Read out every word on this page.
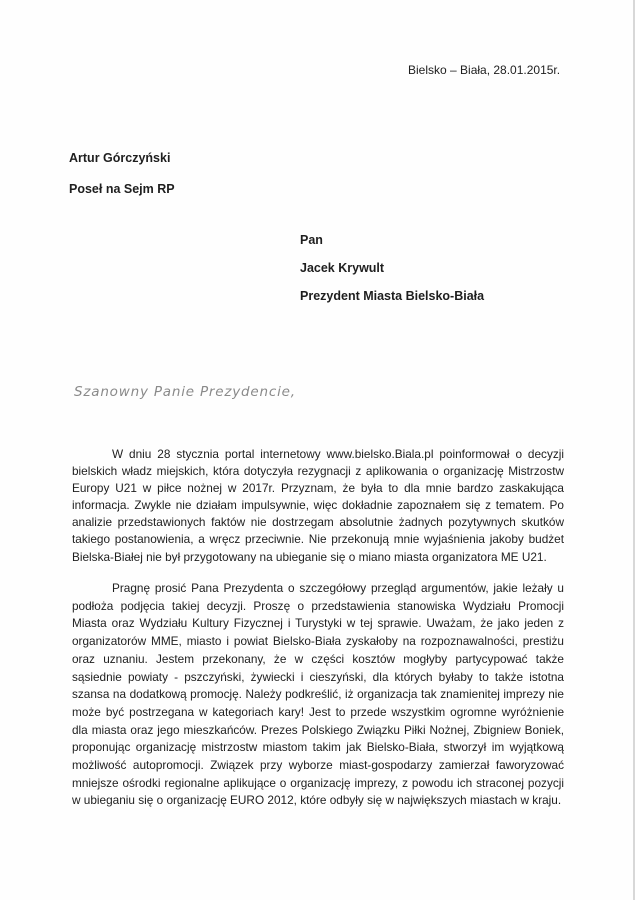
Bielsko – Biała, 28.01.2015r.
Artur Górczyński
Poseł na Sejm RP
Pan
Jacek Krywult
Prezydent Miasta Bielsko-Biała
Szanowny Panie Prezydencie,

W dniu 28 stycznia portal internetowy www.bielsko.Biala.pl poinformował o decyzji bielskich władz miejskich, która dotyczyła rezygnacji z aplikowania o organizację Mistrzostw Europy U21 w piłce nożnej w 2017r. Przyznam, że była to dla mnie bardzo zaskakująca informacja. Zwykle nie działam impulsywnie, więc dokładnie zapoznałem się z tematem. Po analizie przedstawionych faktów nie dostrzegam absolutnie żadnych pozytywnych skutków takiego postanowienia, a wręcz przeciwnie. Nie przekonują mnie wyjaśnienia jakoby budżet Bielska-Białej nie był przygotowany na ubieganie się o miano miasta organizatora ME U21.

Pragnę prosić Pana Prezydenta o szczegółowy przegląd argumentów, jakie leżały u podłoża podjęcia takiej decyzji. Proszę o przedstawienia stanowiska Wydziału Promocji Miasta oraz Wydziału Kultury Fizycznej i Turystyki w tej sprawie. Uważam, że jako jeden z organizatorów MME, miasto i powiat Bielsko-Biała zyskałoby na rozpoznawalności, prestiżu oraz uznaniu. Jestem przekonany, że w części kosztów mogłyby partycypować także sąsiednie powiaty - pszczyński, żywiecki i cieszyński, dla których byłaby to także istotna szansa na dodatkową promocję. Należy podkreślić, iż organizacja tak znamienitej imprezy nie może być postrzegana w kategoriach kary! Jest to przede wszystkim ogromne wyróżnienie dla miasta oraz jego mieszkańców. Prezes Polskiego Związku Piłki Nożnej, Zbigniew Boniek, proponując organizację mistrzostw miastom takim jak Bielsko-Biała, stworzył im wyjątkową możliwość autopromocji. Związek przy wyborze miast-gospodarzy zamierzał faworyzować mniejsze ośrodki regionalne aplikujące o organizację imprezy, z powodu ich straconej pozycji w ubieganiu się o organizację EURO 2012, które odbyły się w największych miastach w kraju.
